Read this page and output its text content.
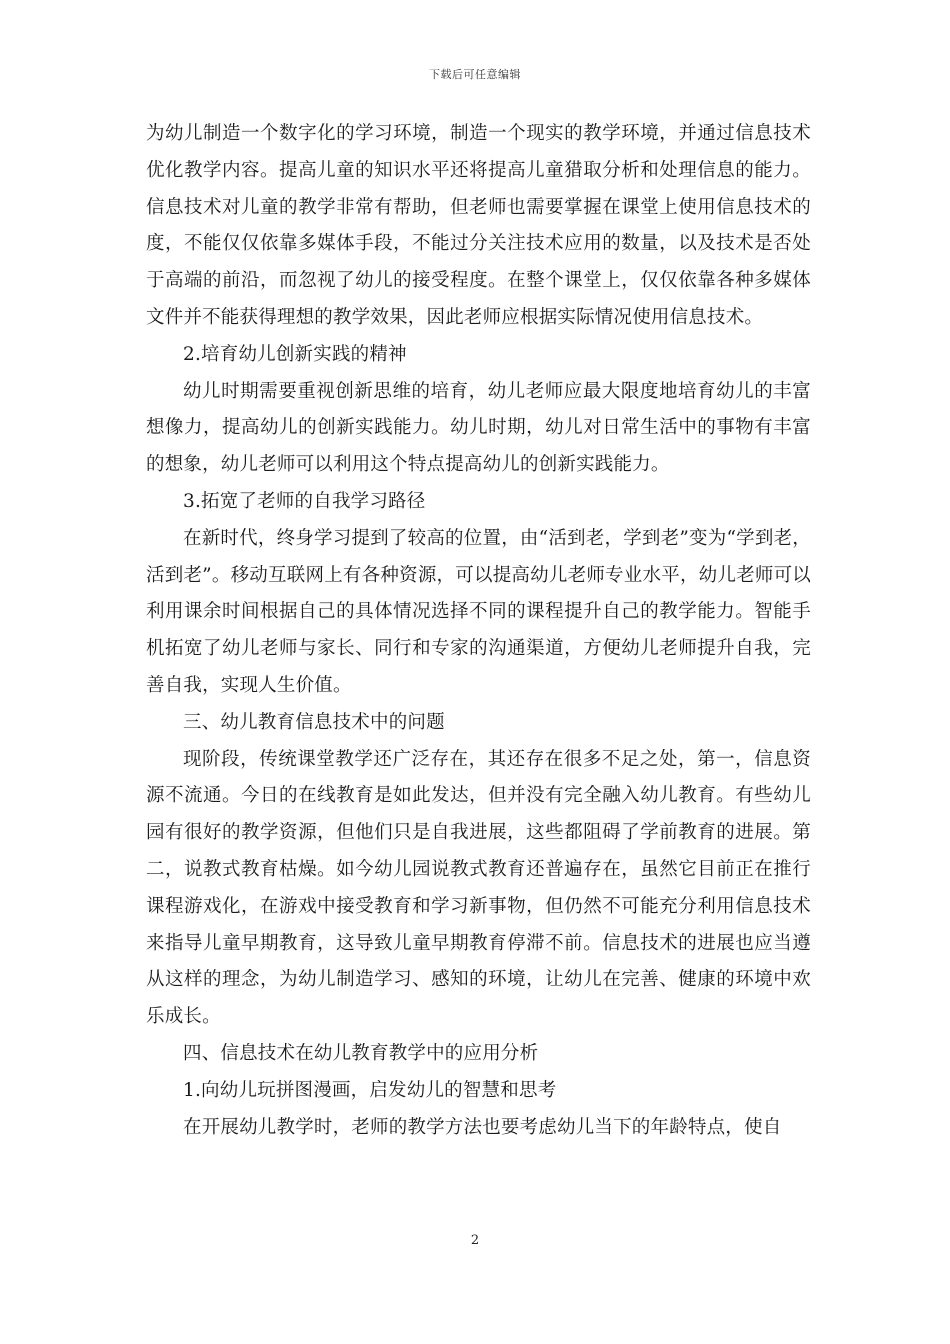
下载后可任意编辑

为幼儿制造一个数字化的学习环境，制造一个现实的教学环境，并通过信息技术优化教学内容。提高儿童的知识水平还将提高儿童猎取分析和处理信息的能力。信息技术对儿童的教学非常有帮助，但老师也需要掌握在课堂上使用信息技术的度，不能仅仅依靠多媒体手段，不能过分关注技术应用的数量，以及技术是否处于高端的前沿，而忽视了幼儿的接受程度。在整个课堂上，仅仅依靠各种多媒体文件并不能获得理想的教学效果，因此老师应根据实际情况使用信息技术。

2.培育幼儿创新实践的精神

幼儿时期需要重视创新思维的培育，幼儿老师应最大限度地培育幼儿的丰富想像力，提高幼儿的创新实践能力。幼儿时期，幼儿对日常生活中的事物有丰富的想象，幼儿老师可以利用这个特点提高幼儿的创新实践能力。

3.拓宽了老师的自我学习路径

在新时代，终身学习提到了较高的位置，由“活到老，学到老”变为“学到老，活到老”。移动互联网上有各种资源，可以提高幼儿老师专业水平，幼儿老师可以利用课余时间根据自己的具体情况选择不同的课程提升自己的教学能力。智能手机拓宽了幼儿老师与家长、同行和专家的沟通渠道，方便幼儿老师提升自我，完善自我，实现人生价值。

三、幼儿教育信息技术中的问题

现阶段，传统课堂教学还广泛存在，其还存在很多不足之处，第一，信息资源不流通。今日的在线教育是如此发达，但并没有完全融入幼儿教育。有些幼儿园有很好的教学资源，但他们只是自我进展，这些都阻碍了学前教育的进展。第二，说教式教育枯燥。如今幼儿园说教式教育还普遍存在，虽然它目前正在推行课程游戏化，在游戏中接受教育和学习新事物，但仍然不可能充分利用信息技术来指导儿童早期教育，这导致儿童早期教育停滞不前。信息技术的进展也应当遵从这样的理念，为幼儿制造学习、感知的环境，让幼儿在完善、健康的环境中欢乐成长。

四、信息技术在幼儿教育教学中的应用分析

1.向幼儿玩拼图漫画，启发幼儿的智慧和思考

在开展幼儿教学时，老师的教学方法也要考虑幼儿当下的年龄特点，使自

2
